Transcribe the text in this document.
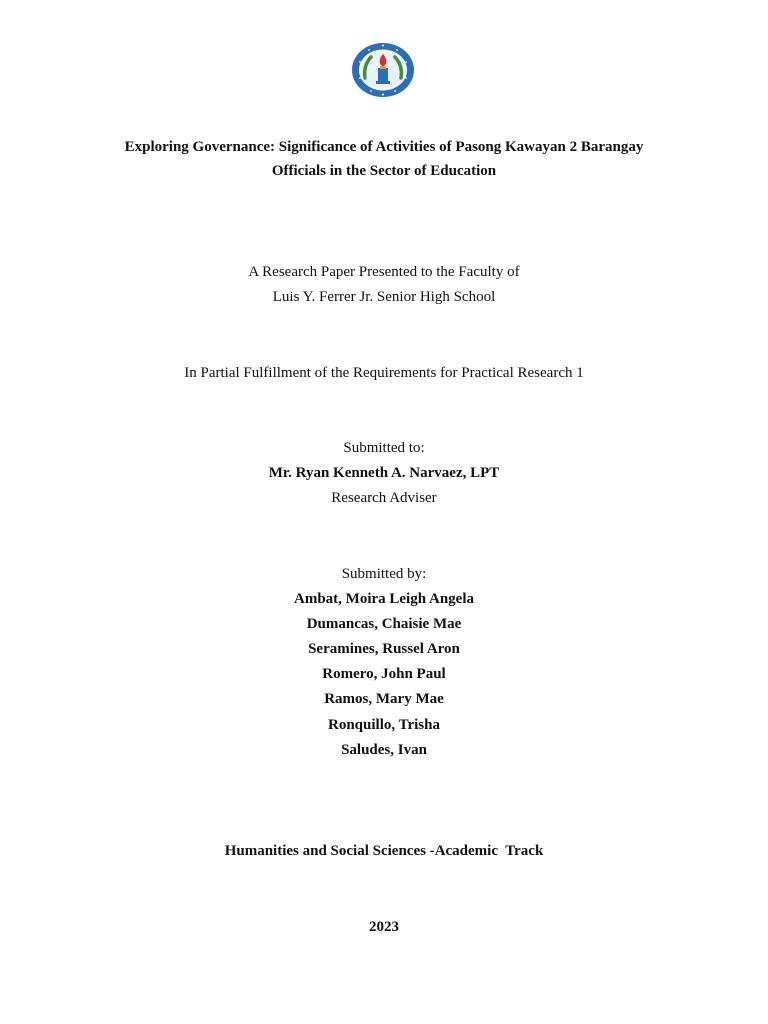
Exploring Governance: Significance of Activities of Pasong Kawayan 2 Barangay
Officials in the Sector of Education
A Research Paper Presented to the Faculty of
Luis Y. Ferrer Jr. Senior High School
In Partial Fulfillment of the Requirements for Practical Research 1
Submitted to:
Mr. Ryan Kenneth A. Narvaez, LPT
Research Adviser
Submitted by:
Ambat, Moira Leigh Angela
Dumancas, Chaisie Mae
Seramines, Russel Aron
Romero, John Paul
Ramos, Mary Mae
Ronquillo, Trisha
Saludes, Ivan
Humanities and Social Sciences -Academic  Track
2023
